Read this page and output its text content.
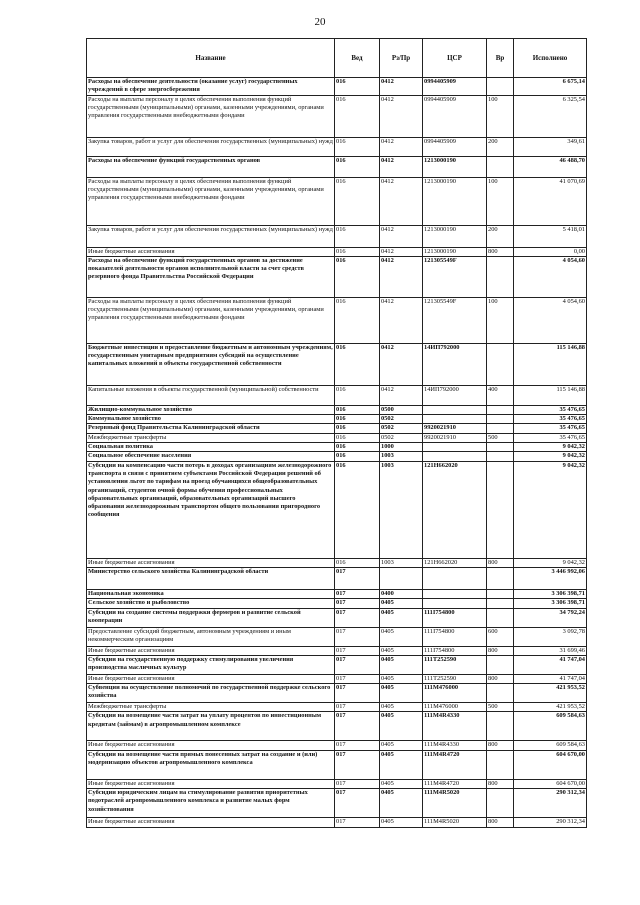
20
Название	Вед	Рз/Пр	ЦСР	Вр	Исполнено
Расходы на обеспечение деятельности (оказание услуг) государственных учреждений в сфере энергосбережения	016	0412	0994405909		6 675,14
Расходы на выплаты персоналу в целях обеспечения выполнения функций государственными (муниципальными) органами, казенными учреждениями, органами управления государственными внебюджетными фондами	016	0412	0994405909	100	6 325,54
Закупка товаров, работ и услуг для обеспечения государственных (муниципальных) нужд	016	0412	0994405909	200	349,61
Расходы на обеспечение функций государственных органов	016	0412	1213000190		46 488,70
Расходы на выплаты персоналу в целях обеспечения выполнения функций государственными (муниципальными) органами, казенными учреждениями, органами управления государственными внебюджетными фондами	016	0412	1213000190	100	41 070,69
Закупка товаров, работ и услуг для обеспечения государственных (муниципальных) нужд	016	0412	1213000190	200	5 418,01
Иные бюджетные ассигнования	016	0412	1213000190	800	0,00
Расходы на обеспечение функций государственных органов за достижение показателей деятельности органов исполнительной власти за счет средств резервного фонда Правительства Российской Федерации	016	0412	121305549F		4 054,60
Расходы на выплаты персоналу в целях обеспечения выполнения функций государственными (муниципальными) органами, казенными учреждениями, органами управления государственными внебюджетными фондами	016	0412	121305549F	100	4 054,60
Бюджетные инвестиции и предоставление бюджетным и автономным учреждениям, государственным унитарным предприятиям субсидий на осуществление капитальных вложений в объекты государственной собственности	016	0412	14ИП792000		115 146,88
Капитальные вложения в объекты государственной (муниципальной) собственности	016	0412	14ИП792000	400	115 146,88
Жилищно-коммунальное хозяйство	016	0500			35 476,65
Коммунальное хозяйство	016	0502			35 476,65
Резервный фонд Правительства Калининградской области	016	0502	9920021910		35 476,65
Межбюджетные трансферты	016	0502	9920021910	500	35 476,65
Социальная политика	016	1000			9 042,32
Социальное обеспечение населения	016	1003			9 042,32
Субсидии на компенсацию части потерь в доходах организациям железнодорожного транспорта в связи с принятием субъектами Российской Федерации решений об установлении льгот по тарифам на проезд обучающихся общеобразовательных организаций, студентов очной формы обучения профессиональных образовательных организаций, образовательных организаций высшего образования железнодорожным транспортом общего пользования пригородного сообщения	016	1003	121Н662020		9 042,32
Иные бюджетные ассигнования	016	1003	121Н662020	800	9 042,32
Министерство сельского хозяйства Калининградской области	017				3 446 992,06
Национальная экономика	017	0400			3 306 398,71
Сельское хозяйство и рыболовство	017	0405			3 306 398,71
Субсидии на создание системы поддержки фермеров и развитие сельской кооперации	017	0405	111I754800		34 792,24
Предоставление субсидий бюджетным, автономным учреждениям и иным некоммерческим организациям	017	0405	111I754800	600	3 092,78
Иные бюджетные ассигнования	017	0405	111I754800	800	31 699,46
Субсидии на государственную поддержку стимулирования увеличения производства масличных культур	017	0405	111T252590		41 747,04
Иные бюджетные ассигнования	017	0405	111T252590	800	41 747,04
Субвенции на осуществление полномочий по государственной поддержке сельского хозяйства	017	0405	111M476000		421 953,52
Межбюджетные трансферты	017	0405	111M476000	500	421 953,52
Субсидии на возмещение части затрат на уплату процентов по инвестиционным кредитам (займам) в агропромышленном комплексе	017	0405	111M4R4330		609 584,63
Иные бюджетные ассигнования	017	0405	111M4R4330	800	609 584,63
Субсидии на возмещение части прямых понесенных затрат на создание и (или) модернизацию объектов агропромышленного комплекса	017	0405	111M4R4720		604 670,00
Иные бюджетные ассигнования	017	0405	111M4R4720	800	604 670,00
Субсидии юридическим лицам на стимулирование развития приоритетных подотраслей агропромышленного комплекса и развитие малых форм хозяйствования	017	0405	111M4R5020		290 312,34
Иные бюджетные ассигнования	017	0405	111M4R5020	800	290 312,34
